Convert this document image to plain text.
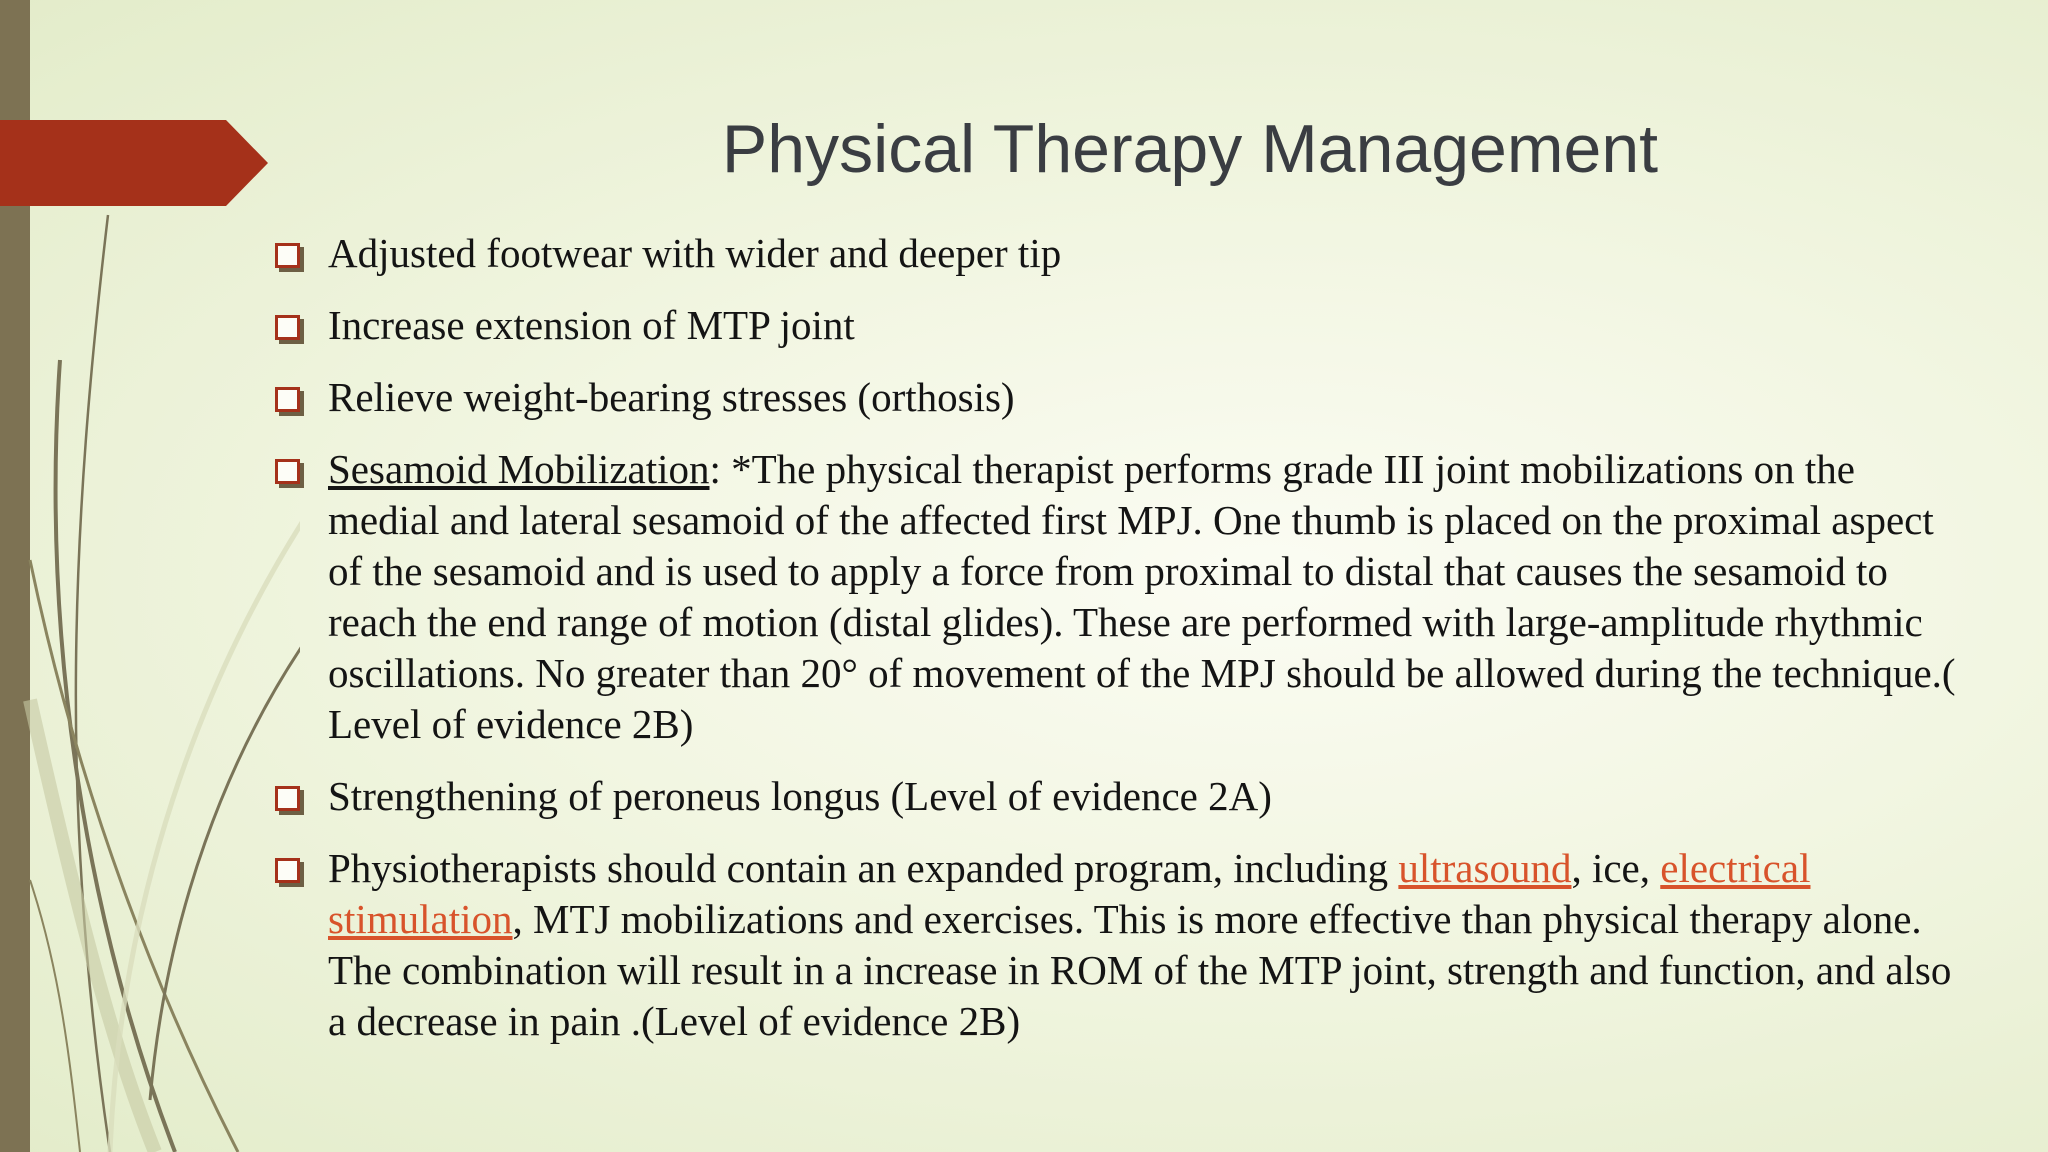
Physical Therapy Management
Adjusted footwear with wider and deeper tip
Increase extension of MTP joint
Relieve weight-bearing stresses (orthosis)
Sesamoid Mobilization: *The physical therapist performs grade III joint mobilizations on the medial and lateral sesamoid of the affected first MPJ. One thumb is placed on the proximal aspect of the sesamoid and is used to apply a force from proximal to distal that causes the sesamoid to reach the end range of motion (distal glides). These are performed with large-amplitude rhythmic oscillations. No greater than 20° of movement of the MPJ should be allowed during the technique.( Level of evidence 2B)
Strengthening of peroneus longus (Level of evidence 2A)
Physiotherapists should contain an expanded program, including ultrasound, ice, electrical stimulation, MTJ mobilizations and exercises. This is more effective than physical therapy alone. The combination will result in a increase in ROM of the MTP joint, strength and function, and also a decrease in pain .(Level of evidence 2B)
